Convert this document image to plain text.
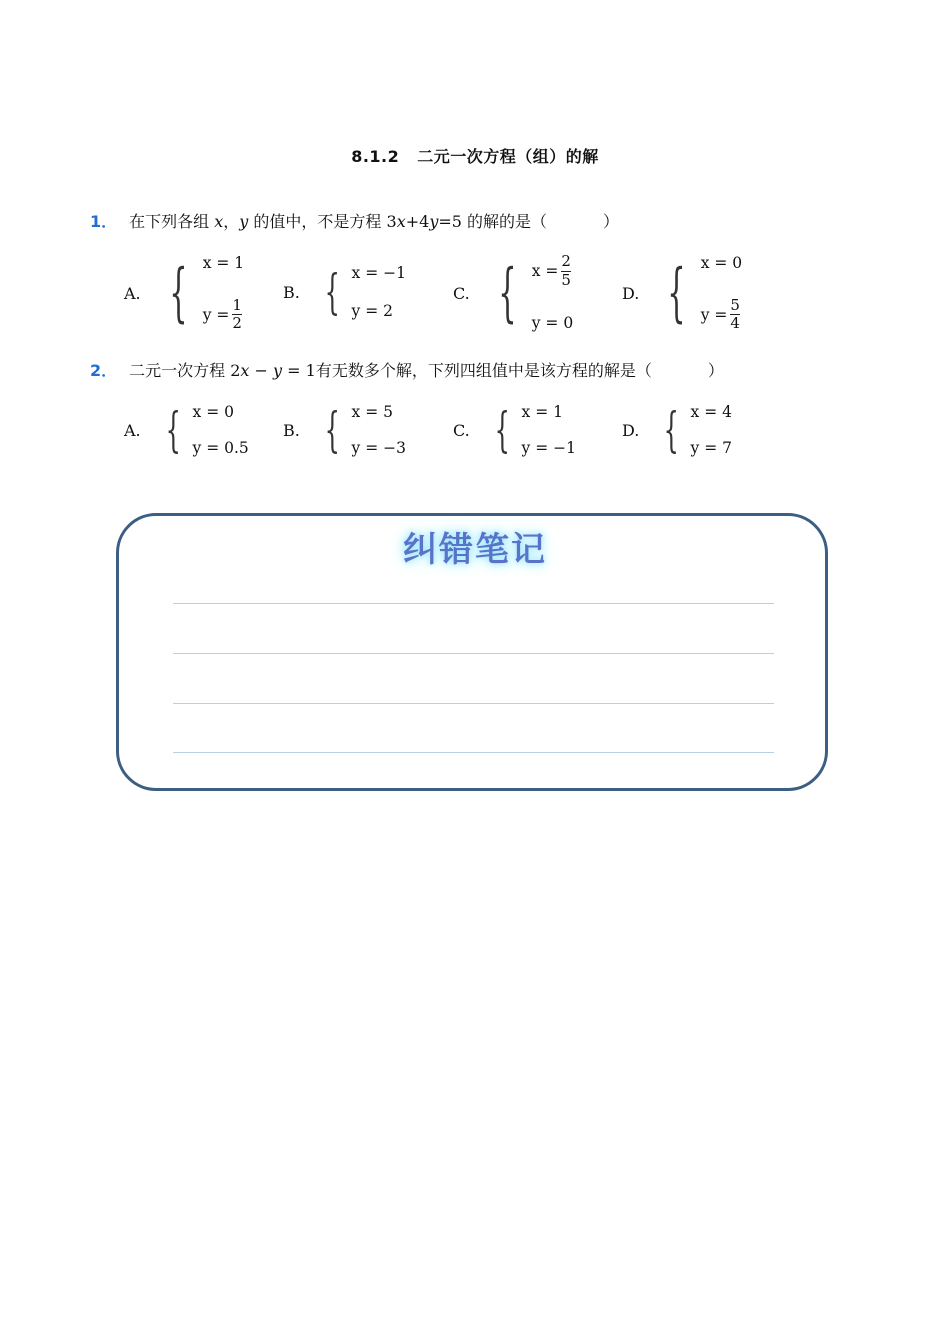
8.1.2 二元一次方程（组）的解
1． 在下列各组 x，y 的值中，不是方程 3x+4y=5 的解的是（	）
A. { x = 1
$y = \frac{1}{2}$
B. { x = −1
y = 2
C. { $x = \frac{2}{5}$
y = 0
D. { x = 0
$y = \frac{5}{4}$
2． 二元一次方程 2x − y = 1有无数多个解，下列四组值中是该方程的解是（	）
A. { x = 0
y = 0.5
B. { x = 5
y = −3
C. { x = 1
y = −1
D. { x = 4
y = 7
纠错笔记
